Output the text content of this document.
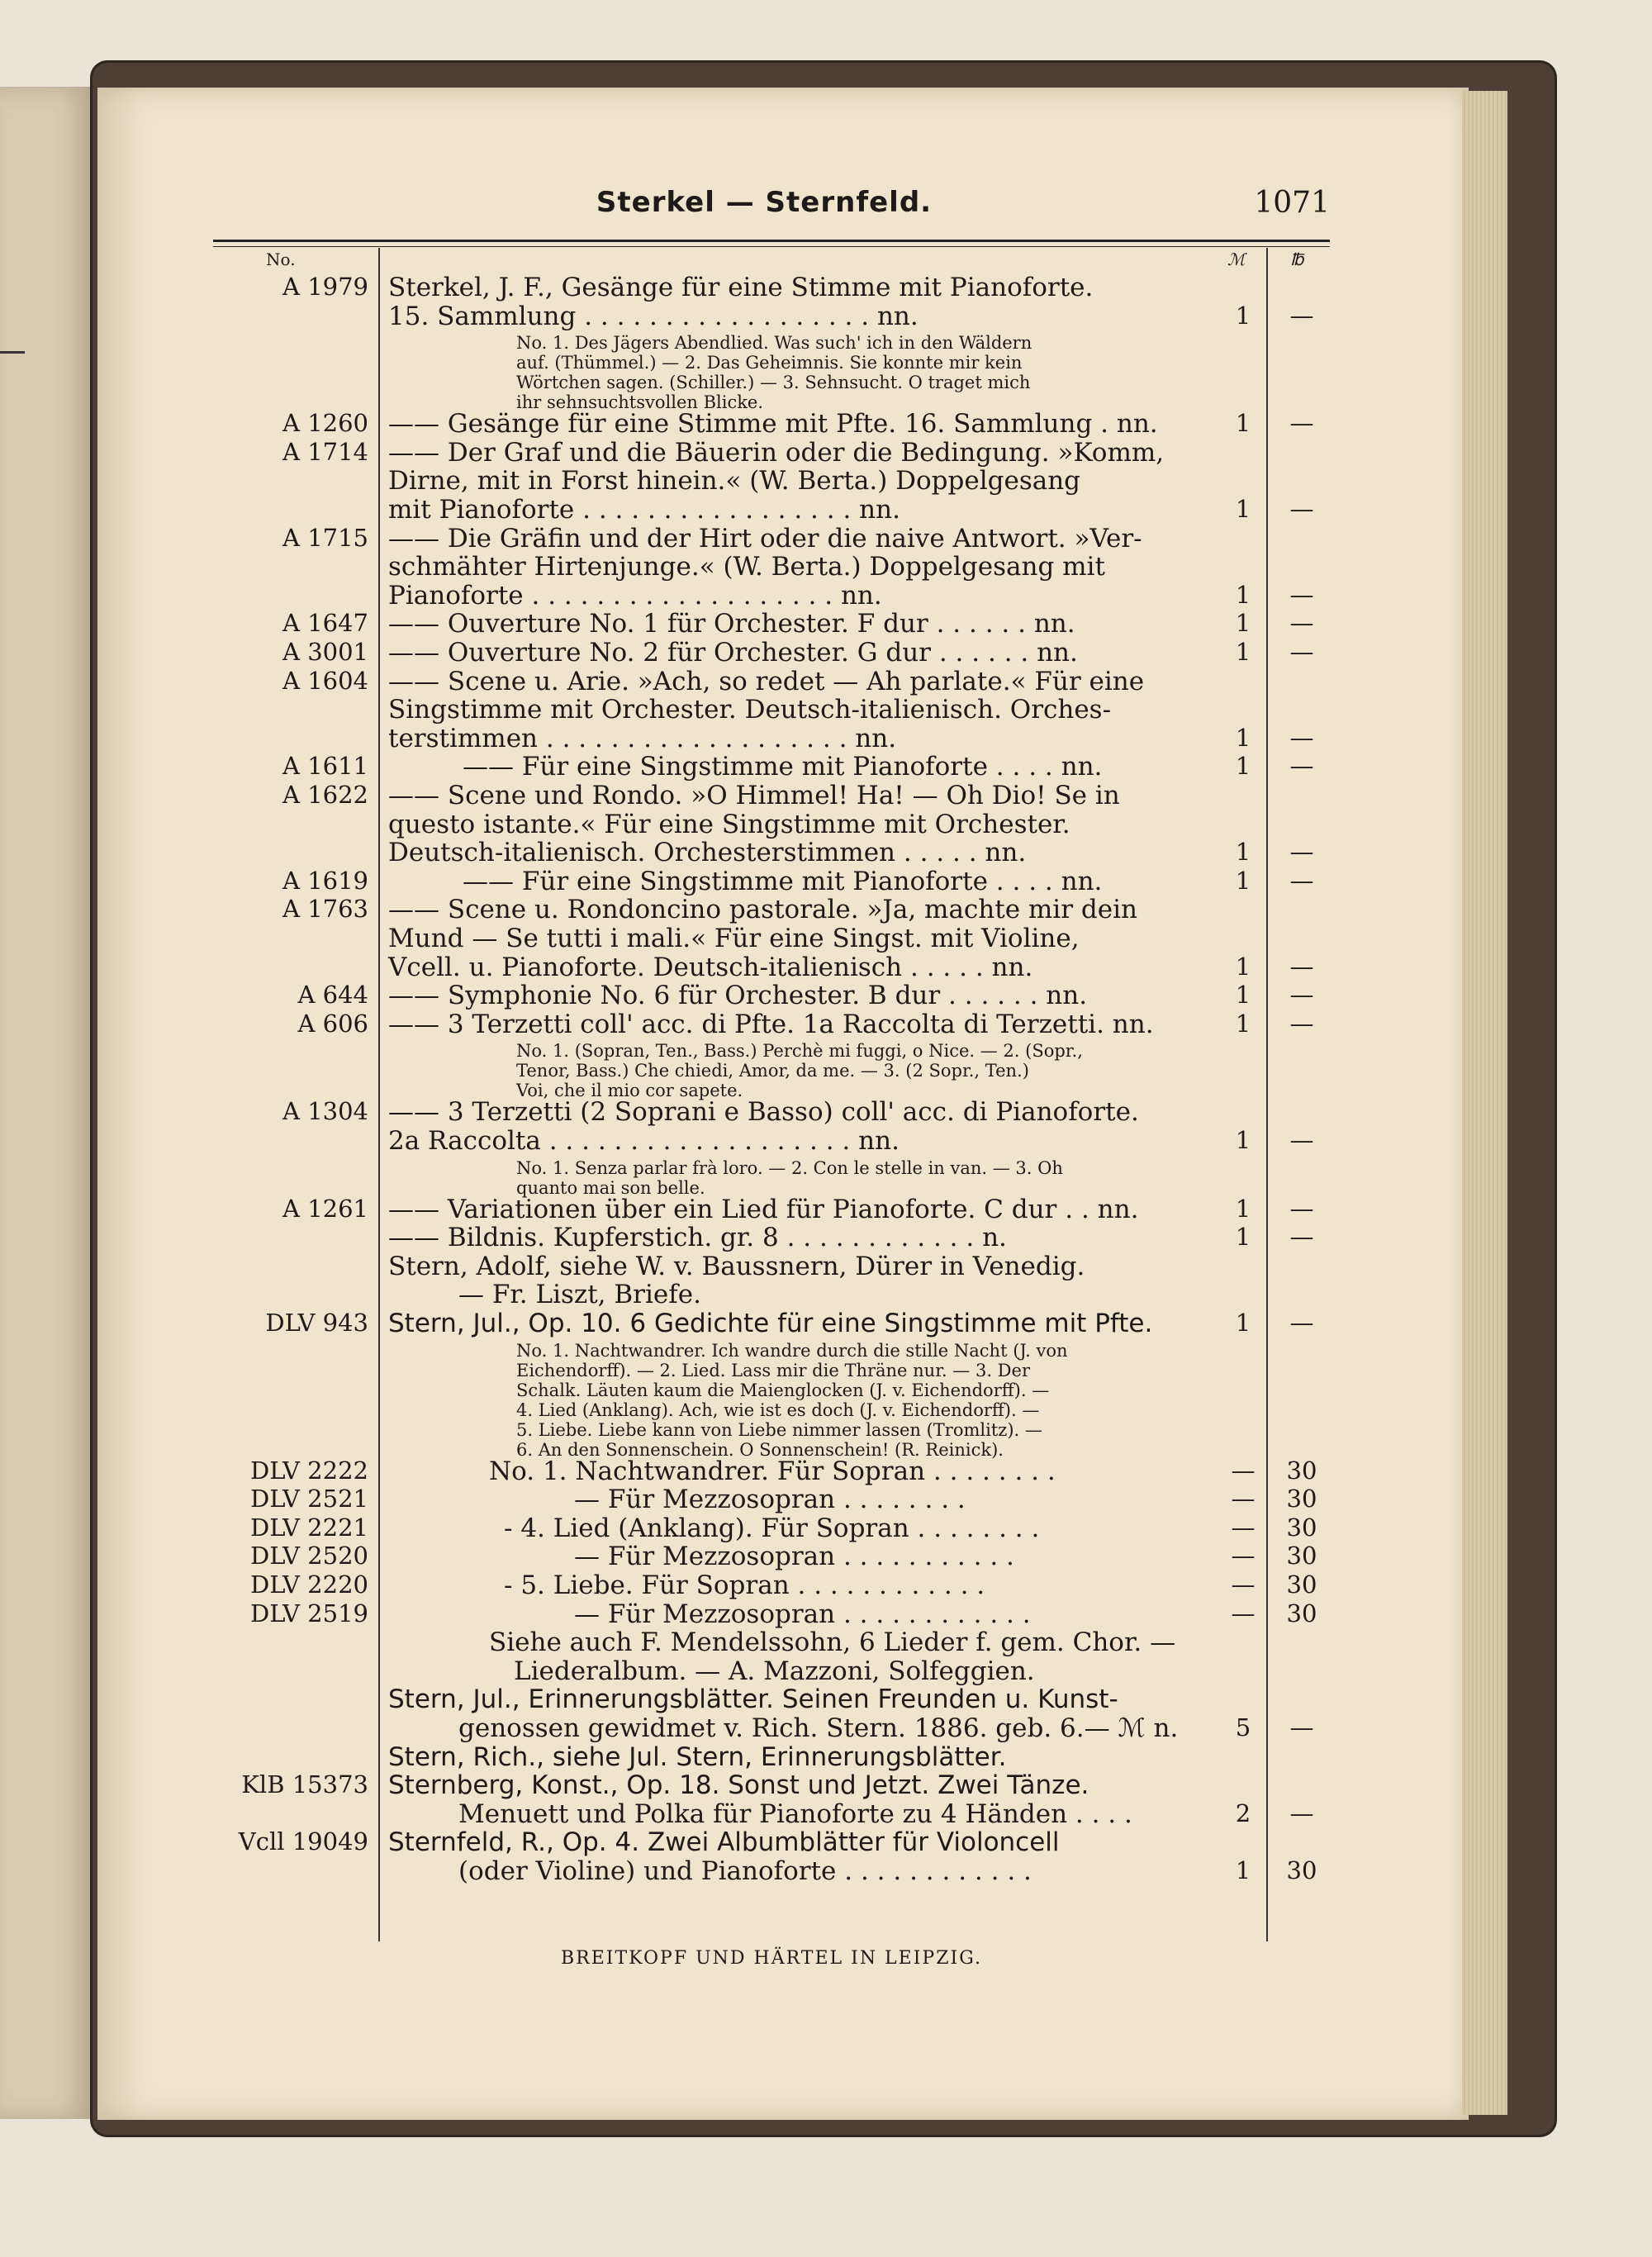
Sterkel — Sternfeld.	1071
No.	ℳ	℔
A 1979 Sterkel, J. F., Gesänge für eine Stimme mit Pianoforte.
15. Sammlung . . . . . . . . . . . . . . . . . . nn.	1 —
No. 1. Des Jägers Abendlied. Was such' ich in den Wäldern
auf. (Thümmel.) — 2. Das Geheimnis. Sie konnte mir kein
Wörtchen sagen. (Schiller.) — 3. Sehnsucht. O traget mich
ihr sehnsuchtsvollen Blicke.
A 1260 —— Gesänge für eine Stimme mit Pfte. 16. Sammlung . nn.	1 —
A 1714 —— Der Graf und die Bäuerin oder die Bedingung. »Komm,
Dirne, mit in Forst hinein.« (W. Berta.) Doppelgesang
mit Pianoforte . . . . . . . . . . . . . . . . . nn.	1 —
A 1715 —— Die Gräfin und der Hirt oder die naive Antwort. »Ver-
schmähter Hirtenjunge.« (W. Berta.) Doppelgesang mit
Pianoforte . . . . . . . . . . . . . . . . . . . nn.	1 —
A 1647 —— Ouverture No. 1 für Orchester. F dur . . . . . . nn.	1 —
A 3001 —— Ouverture No. 2 für Orchester. G dur . . . . . . nn.	1 —
A 1604 —— Scene u. Arie. »Ach, so redet — Ah parlate.« Für eine
Singstimme mit Orchester. Deutsch-italienisch. Orches-
terstimmen . . . . . . . . . . . . . . . . . . . nn.	1 —
A 1611	—— Für eine Singstimme mit Pianoforte . . . . nn.	1 —
A 1622 —— Scene und Rondo. »O Himmel! Ha! — Oh Dio! Se in
questo istante.« Für eine Singstimme mit Orchester.
Deutsch-italienisch. Orchesterstimmen . . . . . nn.	1 —
A 1619	—— Für eine Singstimme mit Pianoforte . . . . nn.	1 —
A 1763 —— Scene u. Rondoncino pastorale. »Ja, machte mir dein
Mund — Se tutti i mali.« Für eine Singst. mit Violine,
Vcell. u. Pianoforte. Deutsch-italienisch . . . . . nn.	1 —
A 644 —— Symphonie No. 6 für Orchester. B dur . . . . . . nn.	1 —
A 606 —— 3 Terzetti coll' acc. di Pfte. 1a Raccolta di Terzetti. nn.	1 —
No. 1. (Sopran, Ten., Bass.) Perchè mi fuggi, o Nice. — 2. (Sopr.,
Tenor, Bass.) Che chiedi, Amor, da me. — 3. (2 Sopr., Ten.)
Voi, che il mio cor sapete.
A 1304 —— 3 Terzetti (2 Soprani e Basso) coll' acc. di Pianoforte.
2a Raccolta . . . . . . . . . . . . . . . . . . . nn.	1 —
No. 1. Senza parlar frà loro. — 2. Con le stelle in van. — 3. Oh
quanto mai son belle.
A 1261 —— Variationen über ein Lied für Pianoforte. C dur . . nn.	1 —
—— Bildnis. Kupferstich. gr. 8 . . . . . . . . . . . . n.	1 —
Stern, Adolf, siehe W. v. Baussnern, Dürer in Venedig.
— Fr. Liszt, Briefe.
DLV 943 Stern, Jul., Op. 10. 6 Gedichte für eine Singstimme mit Pfte.	1 —
No. 1. Nachtwandrer. Ich wandre durch die stille Nacht (J. von
Eichendorff). — 2. Lied. Lass mir die Thräne nur. — 3. Der
Schalk. Läuten kaum die Maienglocken (J. v. Eichendorff). —
4. Lied (Anklang). Ach, wie ist es doch (J. v. Eichendorff). —
5. Liebe. Liebe kann von Liebe nimmer lassen (Tromlitz). —
6. An den Sonnenschein. O Sonnenschein! (R. Reinick).
DLV 2222	No. 1. Nachtwandrer. Für Sopran . . . . . . . .	— 30
DLV 2521	— Für Mezzosopran . . . . . . . .	— 30
DLV 2221	- 4. Lied (Anklang). Für Sopran . . . . . . . .	— 30
DLV 2520	— Für Mezzosopran . . . . . . . . . . .	— 30
DLV 2220	- 5. Liebe. Für Sopran . . . . . . . . . . . .	— 30
DLV 2519	— Für Mezzosopran . . . . . . . . . . . .	— 30
Siehe auch F. Mendelssohn, 6 Lieder f. gem. Chor. —
Liederalbum. — A. Mazzoni, Solfeggien.
Stern, Jul., Erinnerungsblätter. Seinen Freunden u. Kunst-
genossen gewidmet v. Rich. Stern. 1886. geb. 6.— ℳ n. 5 —
Stern, Rich., siehe Jul. Stern, Erinnerungsblätter.
KlB 15373 Sternberg, Konst., Op. 18. Sonst und Jetzt. Zwei Tänze.
Menuett und Polka für Pianoforte zu 4 Händen . . . .	2 —
Vcll 19049 Sternfeld, R., Op. 4. Zwei Albumblätter für Violoncell
(oder Violine) und Pianoforte . . . . . . . . . . . .	1 30
BREITKOPF UND HÄRTEL IN LEIPZIG.
